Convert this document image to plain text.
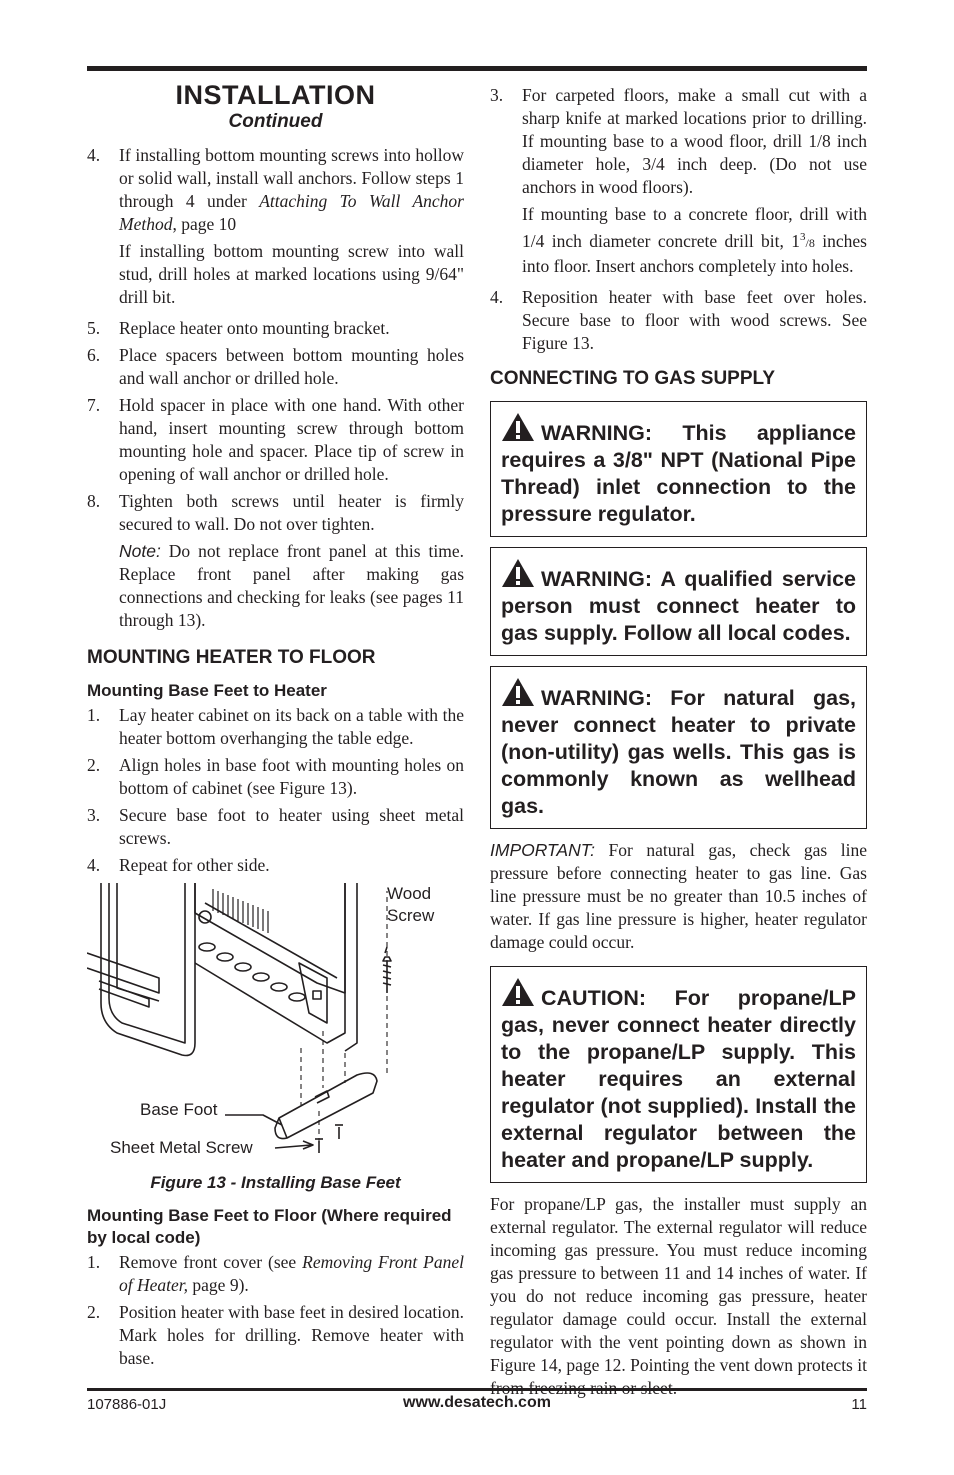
INSTALLATION

Continued

4.	If installing bottom mounting screws into hollow or solid wall, install wall anchors. Follow steps 1 through 4 under Attaching To Wall Anchor Method, page 10

If installing bottom mounting screw into wall stud, drill holes at marked locations using 9/64" drill bit.

5.	Replace heater onto mounting bracket.
6.	Place spacers between bottom mounting holes and wall anchor or drilled hole.
7.	Hold spacer in place with one hand. With other hand, insert mounting screw through bottom mounting hole and spacer. Place tip of screw in opening of wall anchor or drilled hole.
8.	Tighten both screws until heater is firmly secured to wall. Do not over tighten.

Note: Do not replace front panel at this time. Replace front panel after making gas connections and checking for leaks (see pages 11 through 13).

MOUNTING HEATER TO FLOOR
Mounting Base Feet to Heater
1.	Lay heater cabinet on its back on a table with the heater bottom overhanging the table edge.
2.	Align holes in base foot with mounting holes on bottom of cabinet (see Figure 13).
3.	Secure base foot to heater using sheet metal screws.
4.	Repeat for other side.
Wood
Screw
Base Foot
Sheet Metal Screw

Figure 13 - Installing Base Feet

Mounting Base Feet to Floor (Where required by local code)
1.	Remove front cover (see Removing Front Panel of Heater, page 9).
2.	Position heater with base feet in desired location. Mark holes for drilling. Remove heater with base.
3.	For carpeted floors, make a small cut with a sharp knife at marked locations prior to drilling. If mounting base to a wood floor, drill 1/8 inch diameter hole, 3/4 inch deep. (Do not use anchors in wood floors).

If mounting base to a concrete floor, drill with 1/4 inch diameter concrete drill bit, $1^3/8$ inches into floor. Insert anchors completely into holes.

4.	Reposition heater with base feet over holes. Secure base to floor with wood screws. See Figure 13.
CONNECTING TO GAS SUPPLY
WARNING: This appliance requires a 3/8" NPT (National Pipe Thread) inlet connection to the pressure regulator.
WARNING: A qualified service person must connect heater to gas supply. Follow all local codes.
WARNING: For natural gas, never connect heater to private (non-utility) gas wells. This gas is commonly known as wellhead gas.

IMPORTANT: For natural gas, check gas line pressure before connecting heater to gas line. Gas line pressure must be no greater than 10.5 inches of water. If gas line pressure is higher, heater regulator damage could occur.

CAUTION: For propane/LP gas, never connect heater directly to the propane/LP supply. This heater requires an external regulator (not supplied). Install the external regulator between the heater and propane/LP supply.

For propane/LP gas, the installer must supply an external regulator. The external regulator will reduce incoming gas pressure. You must reduce incoming gas pressure to between 11 and 14 inches of water. If you do not reduce incoming gas pressure, heater regulator damage could occur. Install the external regulator with the vent pointing down as shown in Figure 14, page 12. Pointing the vent down protects it

107886-01J	www.desatech.com	11
